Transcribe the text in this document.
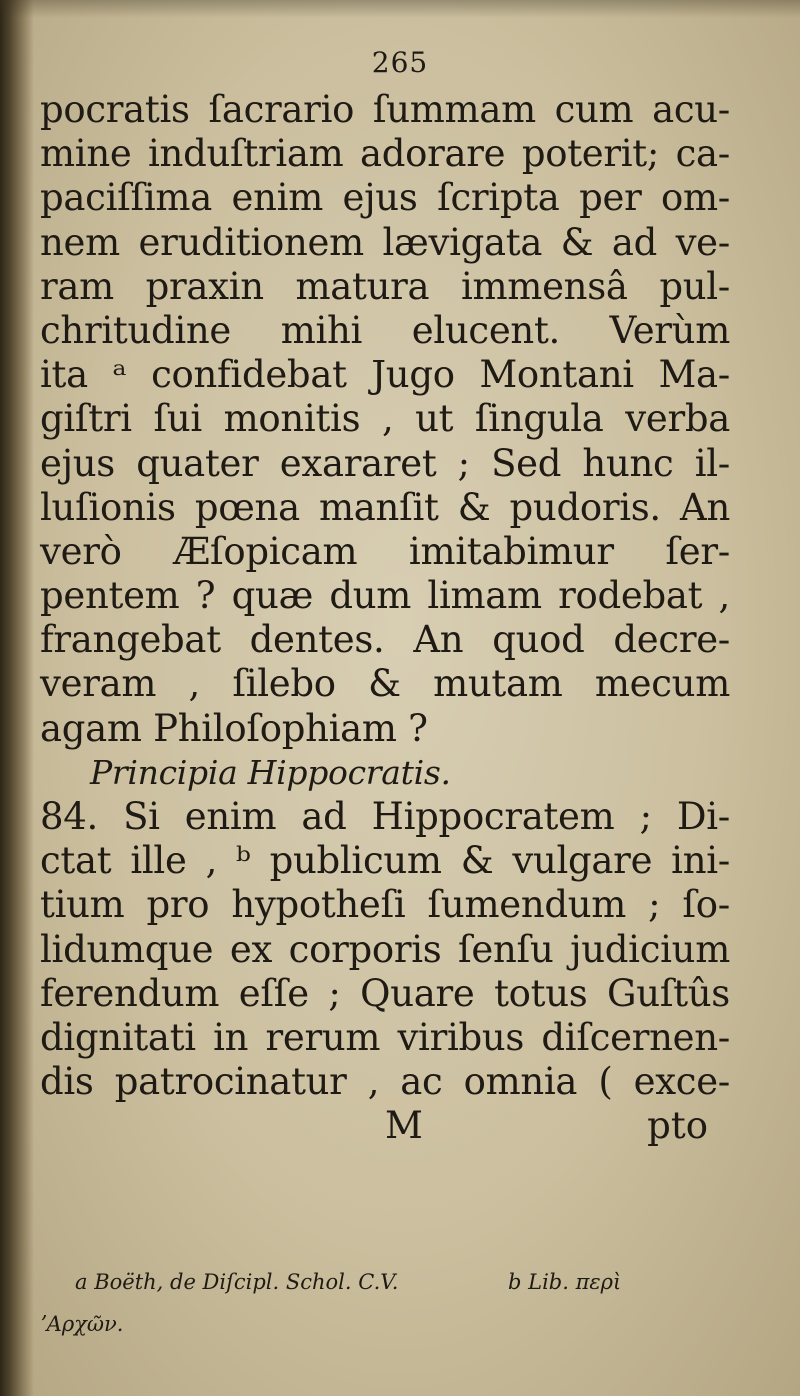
265
pocratis ſacrario ſummam cum acu-
mine induſtriam adorare poterit; ca-
paciſſima enim ejus ſcripta per om-
nem eruditionem lævigata & ad ve-
ram praxin matura immensâ pul-
chritudine mihi elucent. Verùm
ita ᵃ confidebat Jugo Montani Ma-
giſtri ſui monitis , ut ſingula verba
ejus quater exararet ; Sed hunc il-
luſionis pœna manſit & pudoris. An
verò Æſopicam imitabimur ſer-
pentem ? quæ dum limam rodebat ,
frangebat dentes. An quod decre-
veram , ſilebo & mutam mecum
agam Philoſophiam ?
Principia Hippocratis.
84. Si enim ad Hippocratem ; Di-
ctat ille , ᵇ publicum & vulgare ini-
tium pro hypotheſi ſumendum ; ſo-
lidumque ex corporis ſenſu judicium
ferendum eſſe ; Quare totus Guſtûs
dignitati in rerum viribus diſcernen-
dis patrocinatur , ac omnia ( exce-
M	pto
a Boëth, de Diſcipl. Schol. C.V.	b Lib. περὶ
ʼΑρχῶν.
